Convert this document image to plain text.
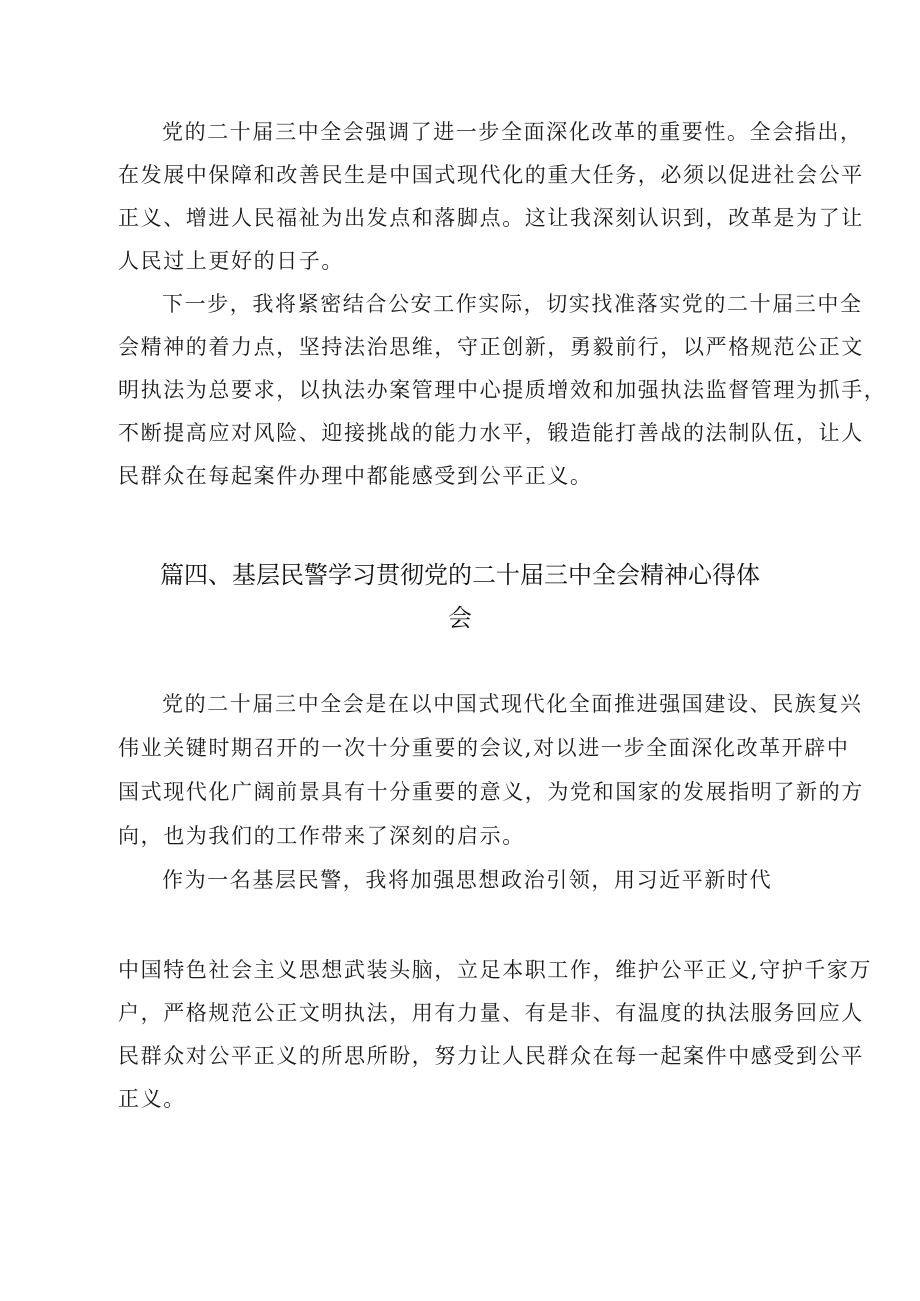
党的二十届三中全会强调了进一步全面深化改革的重要性。全会指出，
在发展中保障和改善民生是中国式现代化的重大任务，必须以促进社会公平
正义、增进人民福祉为出发点和落脚点。这让我深刻认识到，改革是为了让
人民过上更好的日子。
下一步，我将紧密结合公安工作实际，切实找准落实党的二十届三中全
会精神的着力点，坚持法治思维，守正创新，勇毅前行，以严格规范公正文
明执法为总要求，以执法办案管理中心提质增效和加强执法监督管理为抓手，
不断提高应对风险、迎接挑战的能力水平，锻造能打善战的法制队伍，让人
民群众在每起案件办理中都能感受到公平正义。
篇四、基层民警学习贯彻党的二十届三中全会精神心得体
会
党的二十届三中全会是在以中国式现代化全面推进强国建设、民族复兴
伟业关键时期召开的一次十分重要的会议,对以进一步全面深化改革开辟中
国式现代化广阔前景具有十分重要的意义，为党和国家的发展指明了新的方
向，也为我们的工作带来了深刻的启示。
作为一名基层民警，我将加强思想政治引领，用习近平新时代
中国特色社会主义思想武装头脑，立足本职工作，维护公平正义,守护千家万
户，严格规范公正文明执法，用有力量、有是非、有温度的执法服务回应人
民群众对公平正义的所思所盼，努力让人民群众在每一起案件中感受到公平
正义。
